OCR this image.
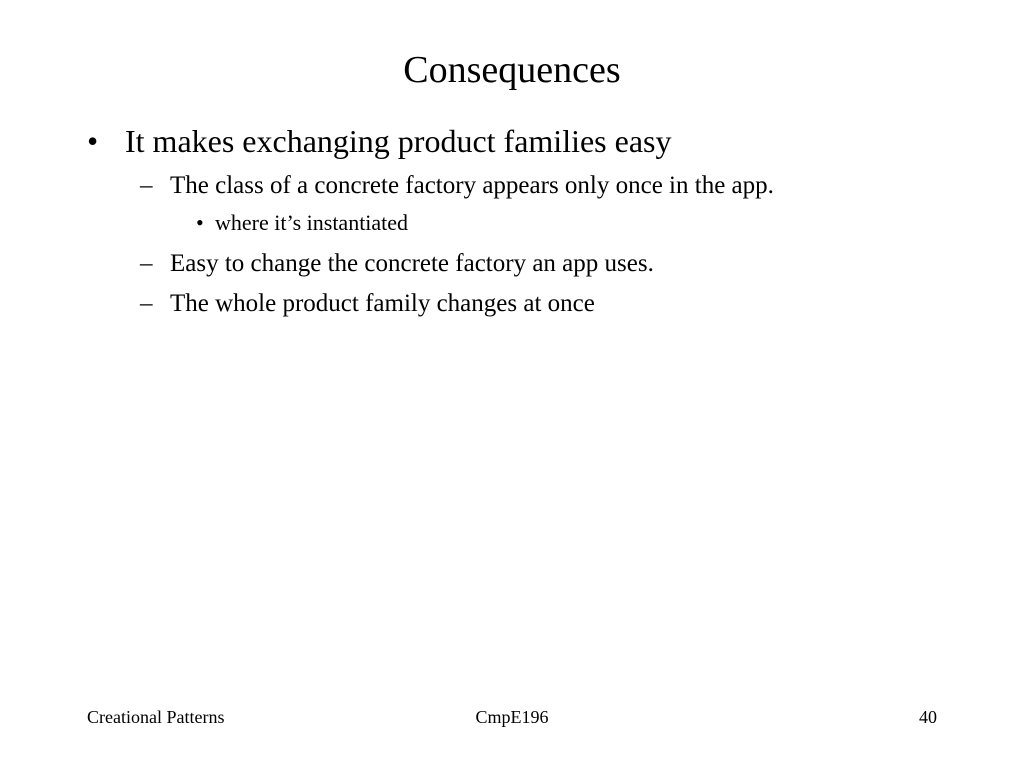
Consequences
• It makes exchanging product families easy
– The class of a concrete factory appears only once in the app.
• where it’s instantiated
– Easy to change the concrete factory an app uses.
– The whole product family changes at once
Creational Patterns	CmpE196	40
